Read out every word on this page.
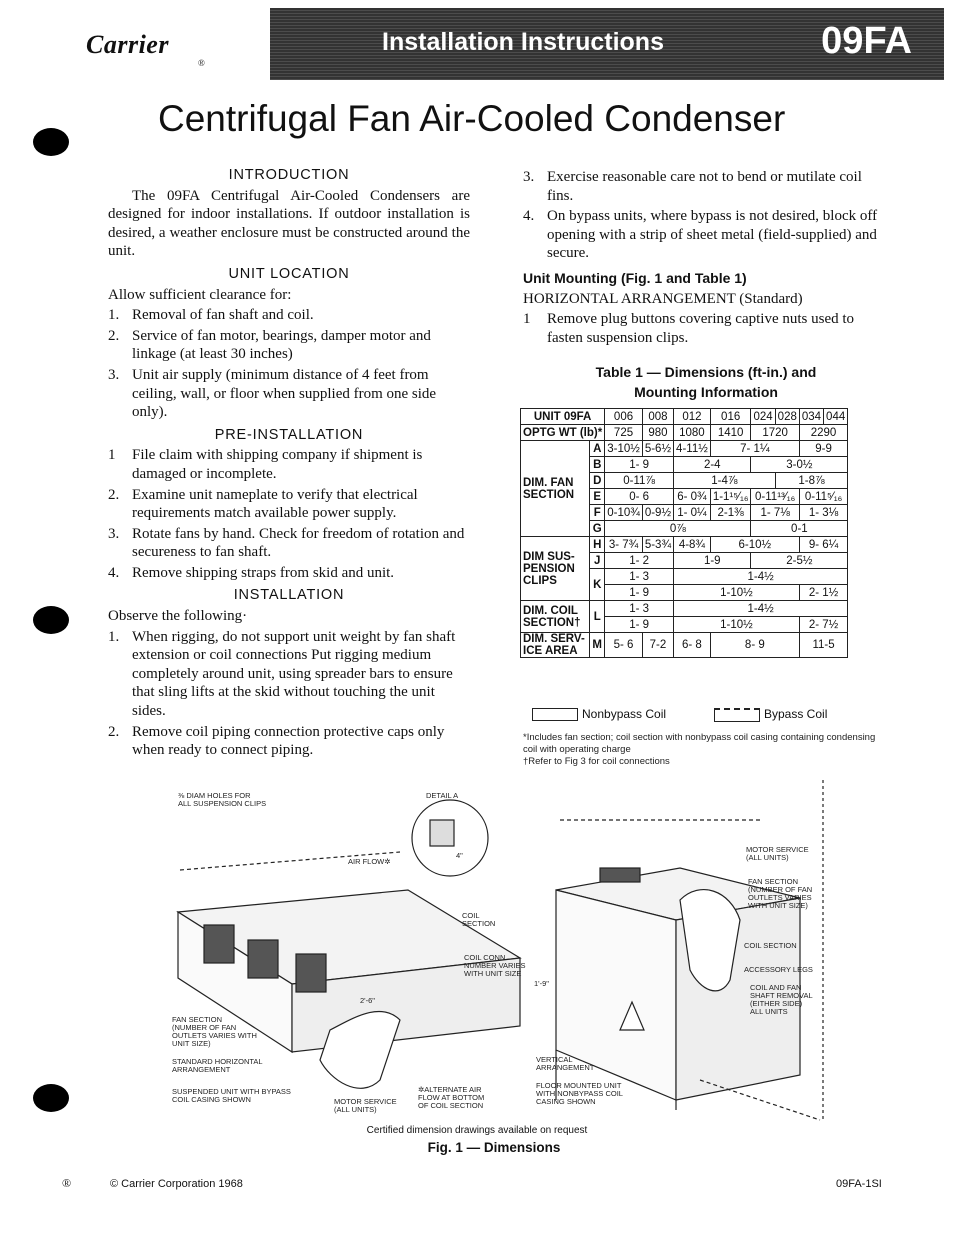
Carrier
®
Installation Instructions	09FA
Centrifugal Fan Air-Cooled Condenser
INTRODUCTION

The 09FA Centrifugal Air-Cooled Condensers are designed for indoor installations. If outdoor installation is desired, a weather enclosure must be constructed around the unit.

UNIT LOCATION

Allow sufficient clearance for:

1. Removal of fan shaft and coil.
2. Service of fan motor, bearings, damper motor and linkage (at least 30 inches)
3. Unit air supply (minimum distance of 4 feet from ceiling, wall, or floor when supplied from one side only).
PRE-INSTALLATION
1	File claim with shipping company if shipment is damaged or incomplete.
2. Examine unit nameplate to verify that electrical requirements match available power supply.
3. Rotate fans by hand. Check for freedom of rotation and secureness to fan shaft.
4. Remove shipping straps from skid and unit.
INSTALLATION

Observe the following·

1. When rigging, do not support unit weight by fan shaft extension or coil connections Put rigging medium completely around unit, using spreader bars to ensure that sling lifts at the skid without touching the unit sides.
2. Remove coil piping connection protective caps only when ready to connect piping.
3. Exercise reasonable care not to bend or mutilate coil fins.
4. On bypass units, where bypass is not desired, block off opening with a strip of sheet metal (field-supplied) and secure.
Unit Mounting (Fig. 1 and Table 1)

HORIZONTAL ARRANGEMENT (Standard)

1	Remove plug buttons covering captive nuts used to fasten suspension clips.
Table 1 — Dimensions (ft-in.) and
Mounting Information
UNIT 09FA		006	008	012	016	024	028	034	044
OPTG WT (lb)*		725	980	1080	1410	1720		2290	

DIM. FAN
SECTION	A	3-10½	5-6½	4-11½	7- 1¼			9-9	
	B	1- 9		2-4		3-0½			
	D	0-11⅞		1-4⅞			1-8⅞		
	E	0- 6		6- 0¾	1-1¹⁵⁄₁₆	0-11¹³⁄₁₆		0-11⁵⁄₁₆	
	F	0-10¾	0-9½	1- 0¼	2-1⅜	1- 7⅛		1- 3⅛	
	G	0⅞				0-1			

DIM SUS-
PENSION
CLIPS	H	3- 7¾	5-3¾	4-8¾	6-10½			9- 6¼	
	J	1- 2		1-9		2-5½			
	K	1- 3		1-4½					
		1- 9		1-10½				2- 1½	

DIM. COIL
SECTION†	L	1- 3		1-4½					
		1- 9		1-10½				2- 7½	

DIM. SERV-
ICE AREA	M	5- 6	7-2	6- 8	8- 9			11-5	
Nonbypass Coil	Bypass Coil
*Includes fan section; coil section with nonbypass coil casing containing condensing coil with operating charge
†Refer to Fig 3 for coil connections
⅜ DIAM HOLES FOR
ALL SUSPENSION CLIPS
DETAIL A
4"
AIR FLOW✲
COIL
SECTION
COIL CONN.
NUMBER VARIES
WITH UNIT SIZE
2'-6"
1'-9"
FAN SECTION
(NUMBER OF FAN
OUTLETS VARIES WITH
UNIT SIZE)
STANDARD HORIZONTAL
ARRANGEMENT
SUSPENDED UNIT WITH BYPASS
COIL CASING SHOWN	MOTOR SERVICE
(ALL UNITS)
✲ALTERNATE AIR
FLOW AT BOTTOM
OF COIL SECTION
MOTOR SERVICE
(ALL UNITS)
FAN SECTION
(NUMBER OF FAN
OUTLETS VARIES
WITH UNIT SIZE)
COIL SECTION
ACCESSORY LEGS
COIL AND FAN
SHAFT REMOVAL
(EITHER SIDE)
ALL UNITS
VERTICAL
ARRANGEMENT
FLOOR MOUNTED UNIT
WITH NONBYPASS COIL
CASING SHOWN
Certified dimension drawings available on request
Fig. 1 — Dimensions
®	© Carrier Corporation 1968	09FA-1SI
